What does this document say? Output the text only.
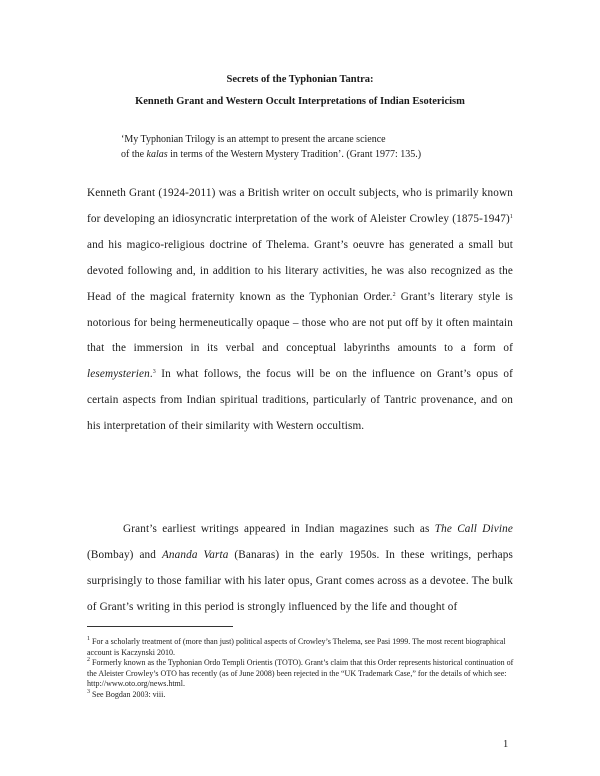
Secrets of the Typhonian Tantra:
Kenneth Grant and Western Occult Interpretations of Indian Esotericism
‘My Typhonian Trilogy is an attempt to present the arcane science
of the kalas in terms of the Western Mystery Tradition’. (Grant 1977: 135.)
Kenneth Grant (1924-2011) was a British writer on occult subjects, who is primarily known for developing an idiosyncratic interpretation of the work of Aleister Crowley (1875-1947)$^1$ and his magico-religious doctrine of Thelema. Grant’s oeuvre has generated a small but devoted following and, in addition to his literary activities, he was also recognized as the Head of the magical fraternity known as the Typhonian Order.$^2$ Grant’s literary style is notorious for being hermeneutically opaque – those who are not put off by it often maintain that the immersion in its verbal and conceptual labyrinths amounts to a form of lesemysterien.$^3$ In what follows, the focus will be on the influence on Grant’s opus of certain aspects from Indian spiritual traditions, particularly of Tantric provenance, and on his interpretation of their similarity with Western occultism.
Grant’s earliest writings appeared in Indian magazines such as The Call Divine (Bombay) and Ananda Varta (Banaras) in the early 1950s. In these writings, perhaps surprisingly to those familiar with his later opus, Grant comes across as a devotee. The bulk of Grant’s writing in this period is strongly influenced by the life and thought of
$^1$ For a scholarly treatment of (more than just) political aspects of Crowley’s Thelema, see Pasi 1999. The most recent biographical account is Kaczynski 2010.
$^2$ Formerly known as the Typhonian Ordo Templi Orientis (TOTO). Grant’s claim that this Order represents historical continuation of the Aleister Crowley’s OTO has recently (as of June 2008) been rejected in the “UK Trademark Case,” for the details of which see: http://www.oto.org/news.html.
$^3$ See Bogdan 2003: viii.
1
